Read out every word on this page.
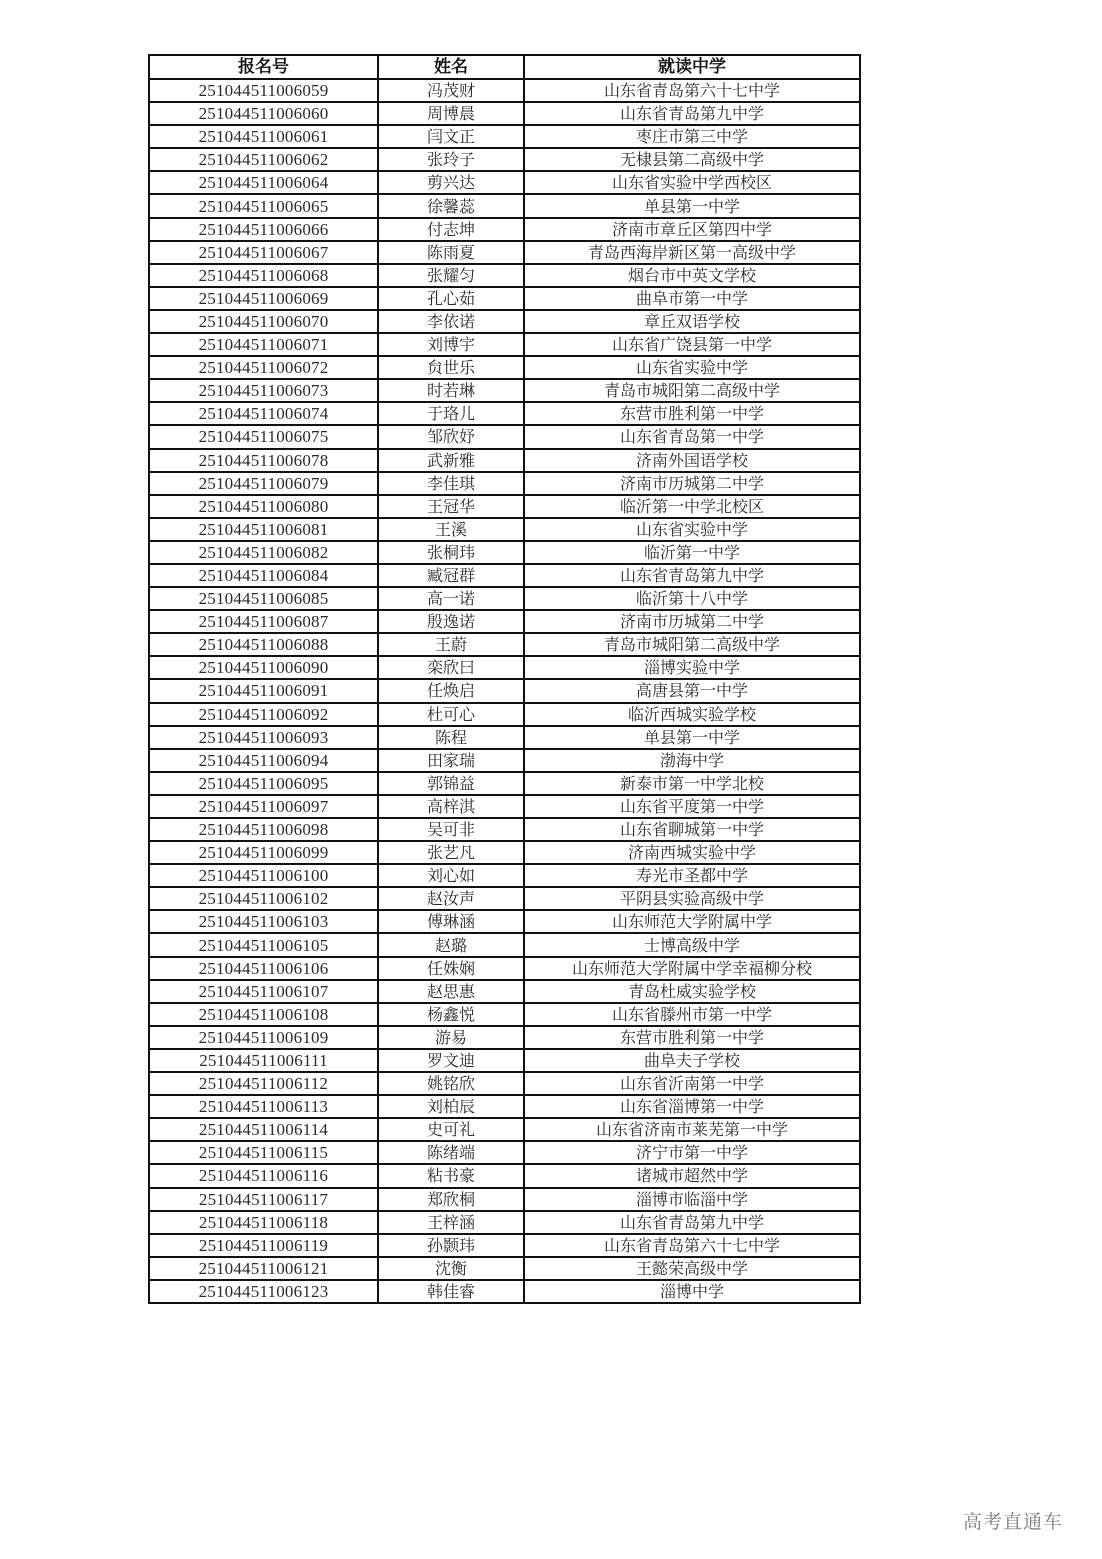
报名号	姓名	就读中学
251044511006059	冯茂财	山东省青岛第六十七中学
251044511006060	周博晨	山东省青岛第九中学
251044511006061	闫文正	枣庄市第三中学
251044511006062	张玲子	无棣县第二高级中学
251044511006064	剪兴达	山东省实验中学西校区
251044511006065	徐馨蕊	单县第一中学
251044511006066	付志坤	济南市章丘区第四中学
251044511006067	陈雨夏	青岛西海岸新区第一高级中学
251044511006068	张耀匀	烟台市中英文学校
251044511006069	孔心茹	曲阜市第一中学
251044511006070	李依诺	章丘双语学校
251044511006071	刘博宇	山东省广饶县第一中学
251044511006072	贠世乐	山东省实验中学
251044511006073	时若琳	青岛市城阳第二高级中学
251044511006074	于珞儿	东营市胜利第一中学
251044511006075	邹欣妤	山东省青岛第一中学
251044511006078	武新雅	济南外国语学校
251044511006079	李佳琪	济南市历城第二中学
251044511006080	王冠华	临沂第一中学北校区
251044511006081	王溪	山东省实验中学
251044511006082	张桐玮	临沂第一中学
251044511006084	臧冠群	山东省青岛第九中学
251044511006085	高一诺	临沂第十八中学
251044511006087	殷逸诺	济南市历城第二中学
251044511006088	王蔚	青岛市城阳第二高级中学
251044511006090	栾欣曰	淄博实验中学
251044511006091	任焕启	高唐县第一中学
251044511006092	杜可心	临沂西城实验学校
251044511006093	陈程	单县第一中学
251044511006094	田家瑞	渤海中学
251044511006095	郭锦益	新泰市第一中学北校
251044511006097	高梓淇	山东省平度第一中学
251044511006098	吴可非	山东省聊城第一中学
251044511006099	张艺凡	济南西城实验中学
251044511006100	刘心如	寿光市圣都中学
251044511006102	赵汝声	平阴县实验高级中学
251044511006103	傅琳涵	山东师范大学附属中学
251044511006105	赵璐	士博高级中学
251044511006106	任姝娴	山东师范大学附属中学幸福柳分校
251044511006107	赵思惠	青岛杜威实验学校
251044511006108	杨鑫悦	山东省滕州市第一中学
251044511006109	游易	东营市胜利第一中学
251044511006111	罗文迪	曲阜夫子学校
251044511006112	姚铭欣	山东省沂南第一中学
251044511006113	刘柏辰	山东省淄博第一中学
251044511006114	史可礼	山东省济南市莱芜第一中学
251044511006115	陈绪端	济宁市第一中学
251044511006116	粘书豪	诸城市超然中学
251044511006117	郑欣桐	淄博市临淄中学
251044511006118	王梓涵	山东省青岛第九中学
251044511006119	孙颢玮	山东省青岛第六十七中学
251044511006121	沈衡	王懿荣高级中学
251044511006123	韩佳睿	淄博中学
高考直通车
